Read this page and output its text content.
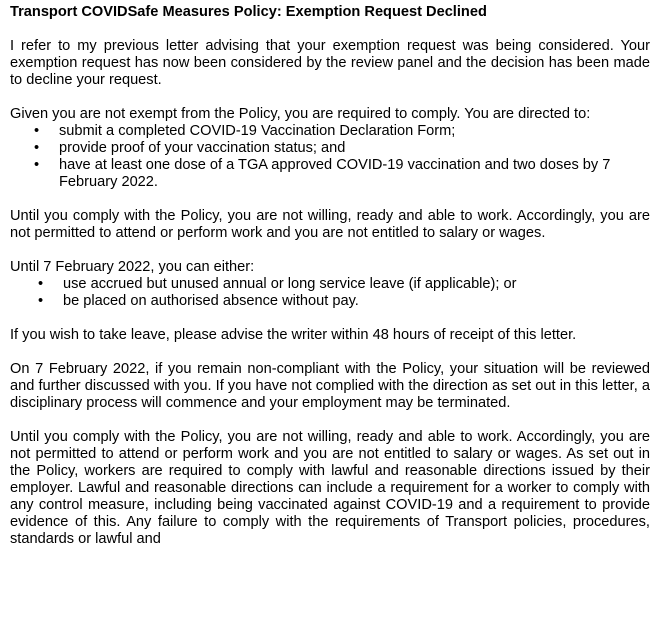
Transport COVIDSafe Measures Policy: Exemption Request Declined

I refer to my previous letter advising that your exemption request was being considered. Your exemption request has now been considered by the review panel and the decision has been made to decline your request.

Given you are not exempt from the Policy, you are required to comply. You are directed to:

• submit a completed COVID-19 Vaccination Declaration Form;
• provide proof of your vaccination status; and
• have at least one dose of a TGA approved COVID-19 vaccination and two doses by 7 February 2022.

Until you comply with the Policy, you are not willing, ready and able to work. Accordingly, you are not permitted to attend or perform work and you are not entitled to salary or wages.

Until 7 February 2022, you can either:

• use accrued but unused annual or long service leave (if applicable); or
• be placed on authorised absence without pay.

If you wish to take leave, please advise the writer within 48 hours of receipt of this letter.

On 7 February 2022, if you remain non-compliant with the Policy, your situation will be reviewed and further discussed with you. If you have not complied with the direction as set out in this letter, a disciplinary process will commence and your employment may be terminated.

Until you comply with the Policy, you are not willing, ready and able to work. Accordingly, you are not permitted to attend or perform work and you are not entitled to salary or wages. As set out in the Policy, workers are required to comply with lawful and reasonable directions issued by their employer. Lawful and reasonable directions can include a requirement for a worker to comply with any control measure, including being vaccinated against COVID-19 and a requirement to provide evidence of this. Any failure to comply with the requirements of Transport policies, procedures, standards or lawful and
